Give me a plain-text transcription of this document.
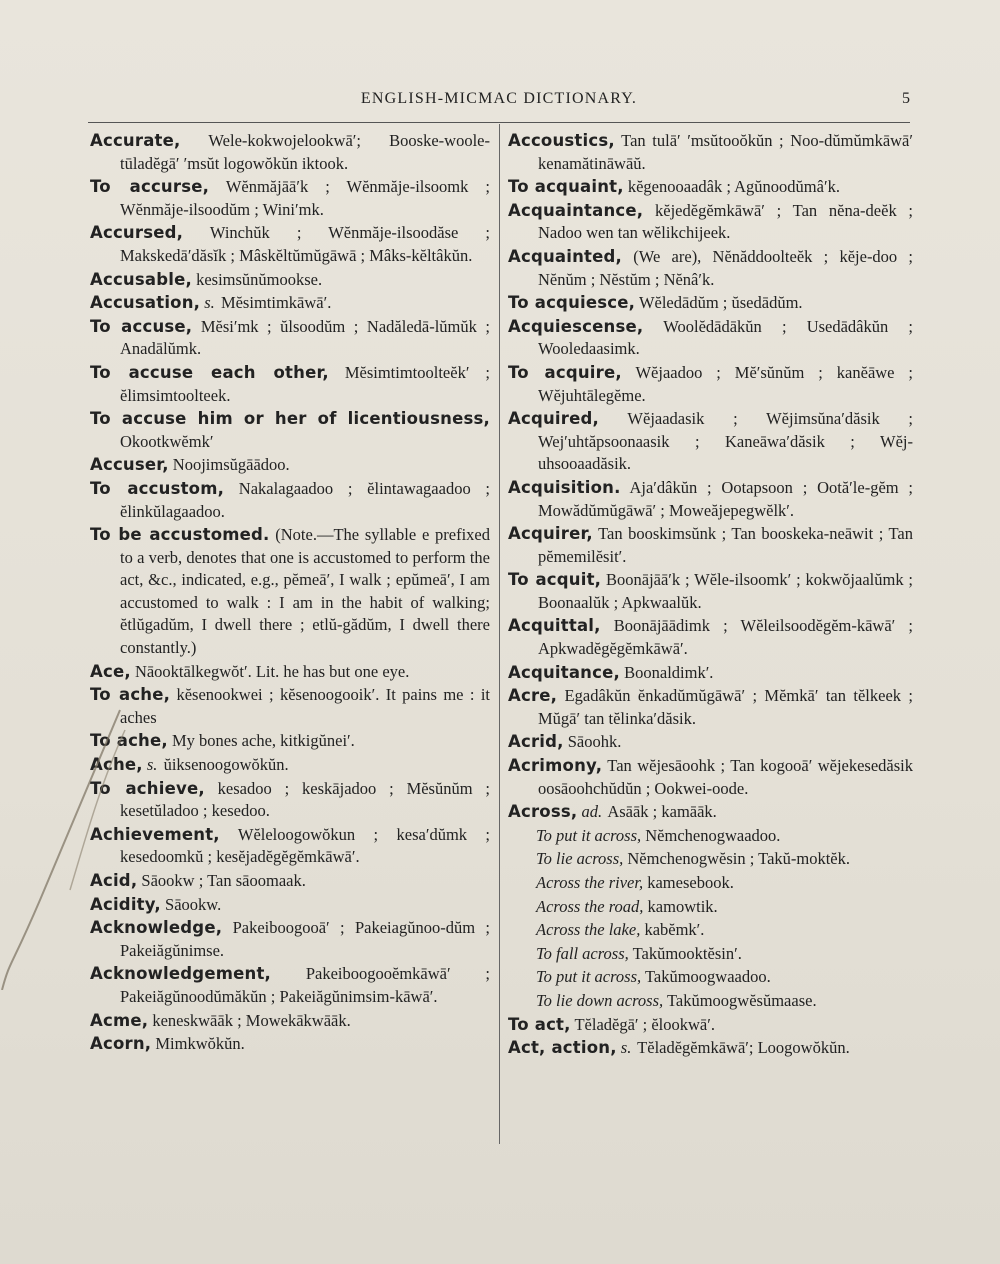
ENGLISH-MICMAC DICTIONARY.	5

Accurate, Wele-kokwojelookwā′; Booske-woole-tūladĕgā′ ′msŭt logowŏkŭn iktook.

To accurse, Wĕnmăjāā′k ; Wĕnmăje-ilsoomk ; Wĕnmăje-ilsoodŭm ; Wini′mk.

Accursed, Winchŭk ; Wĕnmăje-ilsoodăse ; Makskedā′dăsĭk ; Mâskĕltŭmŭgāwā ; Mâks-kĕltâkŭn.

Accusable, kesimsŭnŭmookse.

Accusation, s. Mĕsimtimkāwā′.

To accuse, Mĕsi′mk ; ŭlsoodŭm ; Nadăledā-lŭmŭk ; Anadālŭmk.

To accuse each other, Mĕsimtimtoolteĕk′ ; ĕlimsimtoolteek.

To accuse him or her of licentiousness, Okootkwĕmk′

Accuser, Noojimsŭgāādoo.

To accustom, Nakalagaadoo ; ĕlintawagaadoo ; ĕlinkŭlagaadoo.

To be accustomed. (Note.—The syllable e prefixed to a verb, denotes that one is accustomed to perform the act, &c., indicated, e.g., pĕmeā′, I walk ; epŭmeā′, I am accustomed to walk : I am in the habit of walking; ĕtlŭgadŭm, I dwell there ; etlŭ-gădŭm, I dwell there constantly.)

Ace, Nāooktālkegwŏt′. Lit. he has but one eye.

To ache, kĕsenookwei ; kĕsenoogooik′. It pains me : it aches

To ache, My bones ache, kitkigŭnei′.

Ache, s. ŭiksenoogowŏkŭn.

To achieve, kesadoo ; keskājadoo ; Mĕsŭnŭm ; kesetŭladoo ; kesedoo.

Achievement, Wĕleloogowŏkun ; kesa′dŭmk ; kesedoomkŭ ; kesĕjadĕgĕgĕmkāwā′.

Acid, Sāookw ; Tan sāoomaak.

Acidity, Sāookw.

Acknowledge, Pakeiboogooā′ ; Pakeiagŭnoo-dŭm ; Pakeiăgŭnimse.

Acknowledgement, Pakeiboogooĕmkāwā′ ; Pakeiăgŭnoodŭmăkŭn ; Pakeiăgŭnimsim-kāwā′.

Acme, keneskwāāk ; Mowekākwāāk.

Acorn, Mimkwŏkŭn.

Accoustics, Tan tulā′ ′msŭtooŏkŭn ; Noo-dŭmŭmkāwā′ kenamătināwāŭ.

To acquaint, kĕgenooaadâk ; Agŭnoodŭmâ′k.

Acquaintance, kĕjedĕgĕmkāwā′ ; Tan nĕna-deĕk ; Nadoo wen tan wĕlikchijeek.

Acquainted, (We are), Nĕnăddoolteĕk ; kĕje-doo ; Nĕnŭm ; Nĕstŭm ; Nĕnâ′k.

To acquiesce, Wĕledādŭm ; ŭsedādŭm.

Acquiescense, Woolĕdādākŭn ; Usedādâkŭn ; Wooledaasimk.

To acquire, Wĕjaadoo ; Mĕ′sŭnŭm ; kanĕāwe ; Wĕjuhtālegĕme.

Acquired, Wĕjaadasik ; Wĕjimsŭna′dăsik ; Wej′uhtăpsoonaasik ; Kaneāwa′dăsik ; Wĕj-uhsooaadăsik.

Acquisition. Aja′dâkŭn ; Ootapsoon ; Ootă′le-gĕm ; Mowădŭmŭgāwā′ ; Moweăjepegwĕlk′.

Acquirer, Tan booskimsŭnk ; Tan booskeka-neāwit ; Tan pĕmemilĕsit′.

To acquit, Boonājāā′k ; Wĕle-ilsoomk′ ; kokwŏjaalŭmk ; Boonaalŭk ; Apkwaalŭk.

Acquittal, Boonājāādimk ; Wĕleilsoodĕgĕm-kāwā′ ; Apkwadĕgĕgĕmkāwā′.

Acquitance, Boonaldimk′.

Acre, Egadâkŭn ĕnkadŭmŭgāwā′ ; Mĕmkā′ tan tĕlkeek ; Mŭgā′ tan tĕlinka′dăsik.

Acrid, Sāoohk.

Acrimony, Tan wĕjesāoohk ; Tan kogooā′ wĕjekesedăsik oosāoohchŭdŭn ; Ookwei-oode.

Across, ad. Asāāk ; kamāāk.

To put it across, Nĕmchenogwaadoo.

To lie across, Nĕmchenogwĕsin ; Takŭ-moktĕk.

Across the river, kamesebook.

Across the road, kamowtik.

Across the lake, kabĕmk′.

To fall across, Takŭmooktĕsin′.

To put it across, Takŭmoogwaadoo.

To lie down across, Takŭmoogwĕsŭmaase.

To act, Tĕladĕgā′ ; ĕlookwā′.

Act, action, s. Tĕladĕgĕmkāwā′; Loogowŏkŭn.
